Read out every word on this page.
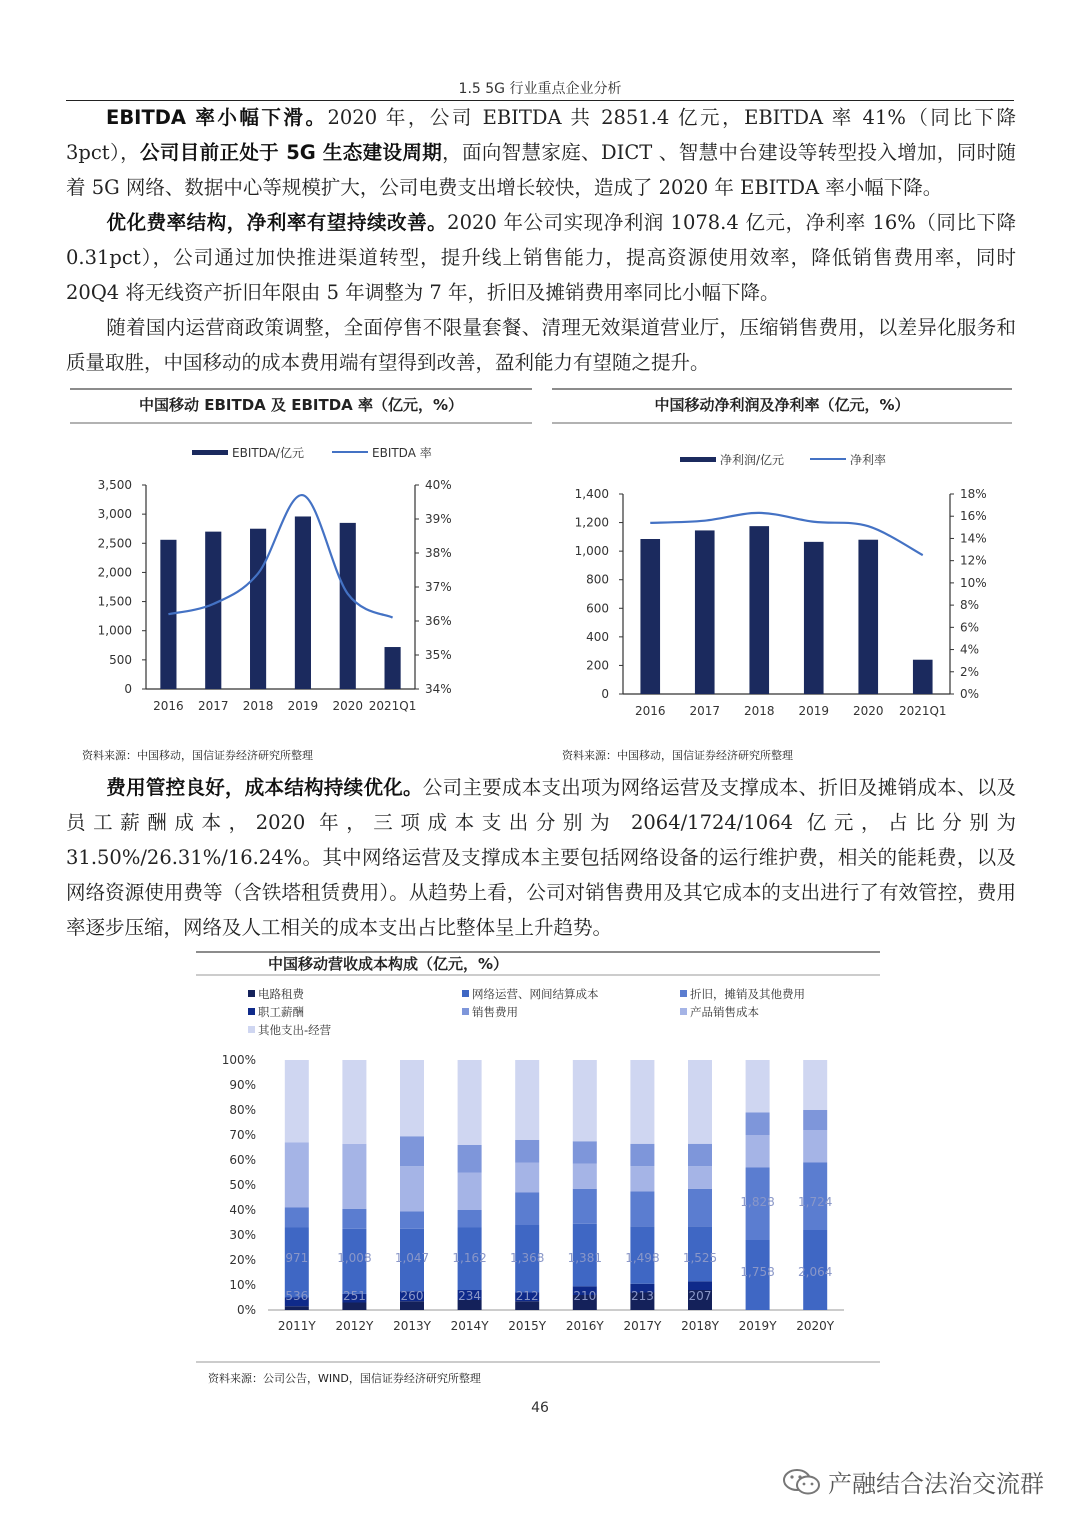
1.5 5G 行业重点企业分析

EBITDA 率小幅下滑。2020 年，公司 EBITDA 共 2851.4 亿元，EBITDA 率 41%（同比下降 3pct），公司目前正处于 5G 生态建设周期，面向智慧家庭、DICT 、智慧中台建设等转型投入增加，同时随着 5G 网络、数据中心等规模扩大，公司电费支出增长较快，造成了 2020 年 EBITDA 率小幅下降。

优化费率结构，净利率有望持续改善。2020 年公司实现净利润 1078.4 亿元，净利率 16%（同比下降 0.31pct），公司通过加快推进渠道转型，提升线上销售能力，提高资源使用效率，降低销售费用率，同时 20Q4 将无线资产折旧年限由 5 年调整为 7 年，折旧及摊销费用率同比小幅下降。

随着国内运营商政策调整，全面停售不限量套餐、清理无效渠道营业厅，压缩销售费用，以差异化服务和质量取胜，中国移动的成本费用端有望得到改善，盈利能力有望随之提升。

中国移动 EBITDA 及 EBITDA 率（亿元，%）
EBITDA/亿元	EBITDA 率
0
500
1,000
1,500
2,000
2,500
3,000
3,500
34%
35%
36%
37%
38%
39%
40%
2016 2017 2018 2019 2020 2021Q1
资料来源：中国移动，国信证券经济研究所整理
中国移动净利润及净利率（亿元，%）
净利润/亿元	净利率
0
200
400
600
800
1,000
1,200
1,400
0%
2%
4%
6%
8%
10%
12%
14%
16%
18%
2016 2017 2018 2019 2020 2021Q1
资料来源：中国移动，国信证券经济研究所整理

费用管控良好，成本结构持续优化。公司主要成本支出项为网络运营及支撑成本、折旧及摊销成本、以及员工薪酬成本，2020 年，三项成本支出分别为 2064/1724/1064 亿元，占比分别为 31.50%/26.31%/16.24%。其中网络运营及支撑成本主要包括网络设备的运行维护费，相关的能耗费，以及网络资源使用费等（含铁塔租赁费用）。从趋势上看，公司对销售费用及其它成本的支出进行了有效管控，费用率逐步压缩，网络及人工相关的成本支出占比整体呈上升趋势。

中国移动营收成本构成（亿元，%）
电路租费	网络运营、网间结算成本	折旧，摊销及其他费用
职工薪酬	销售费用	产品销售成本
其他支出-经营
0%
10%
20%
30%
40%
50%
60%
70%
80%
90%
100%
2011Y
536
971
2012Y
251
1,008
2013Y
260
1,047
2014Y
234
1,162
2015Y
212
1,368
2016Y
210
1,381
2017Y
213
1,498
2018Y
207
1,525
2019Y
1,758
1,828
2020Y
2,064
1,724
资料来源：公司公告，WIND，国信证券经济研究所整理
46
产融结合法治交流群
